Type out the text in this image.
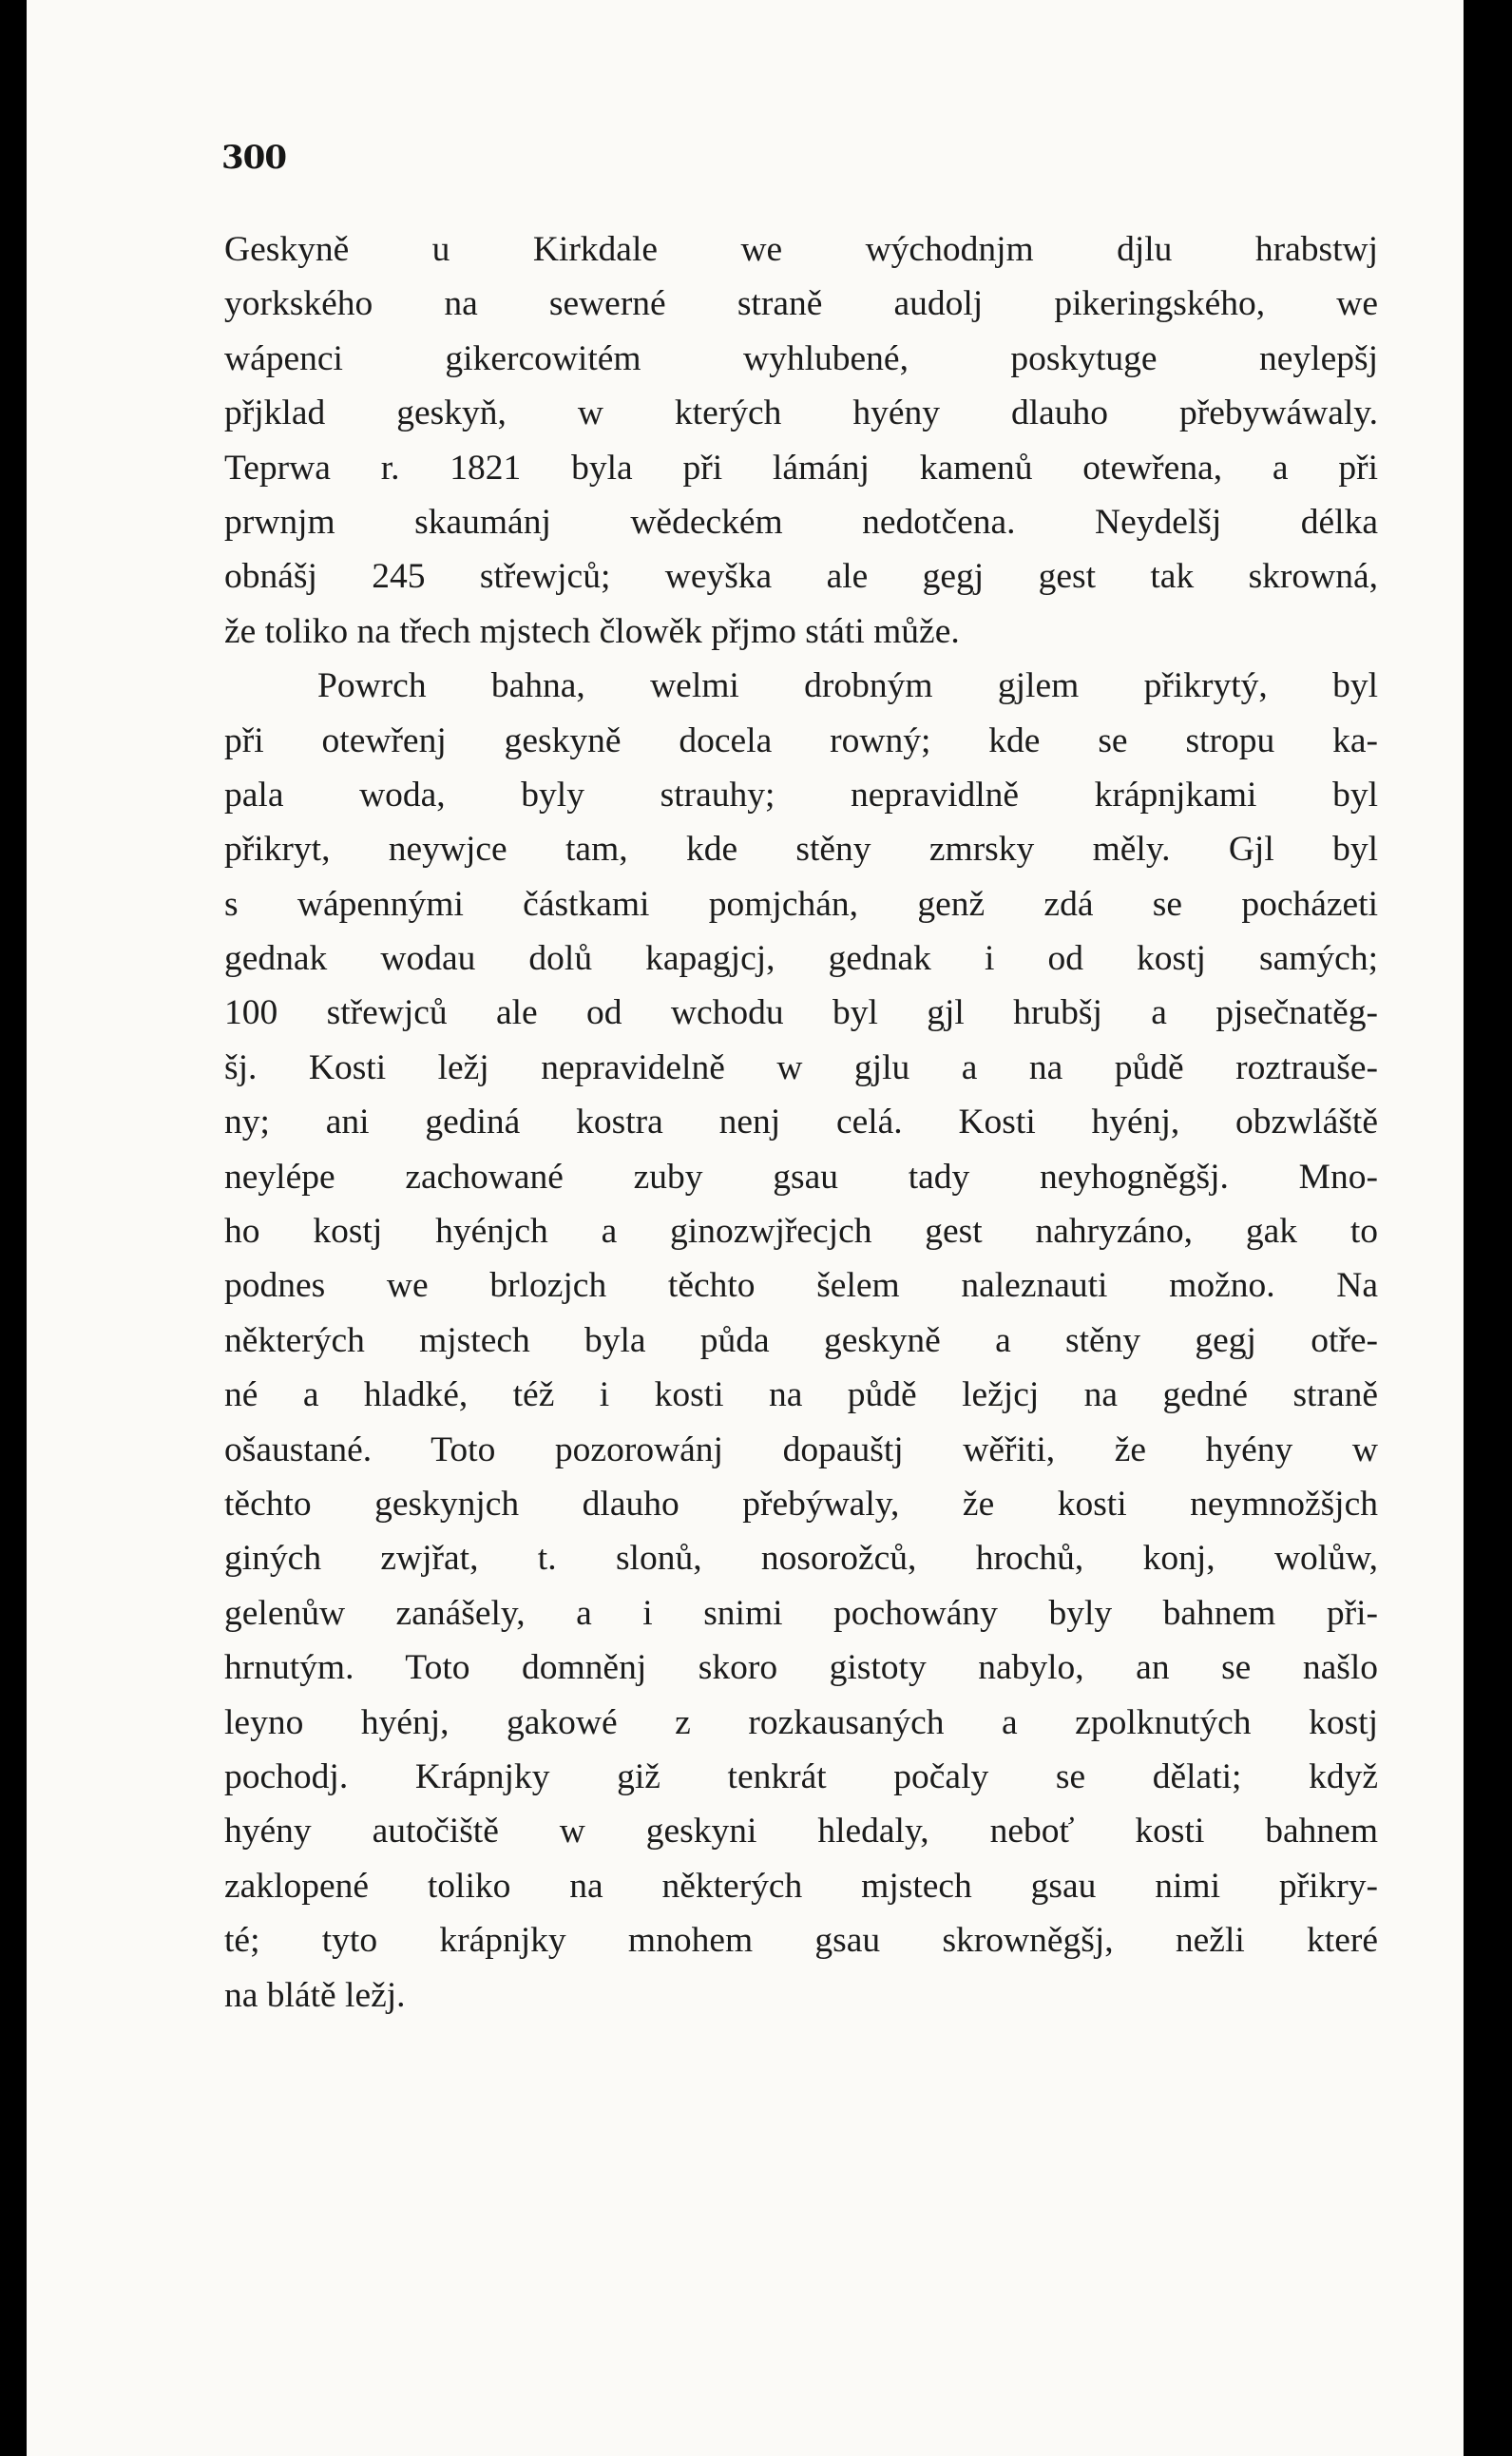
300
Geskyně u Kirkdale we wýchodnjm djlu hrabstwj
yorkského na sewerné straně audolj pikeringského, we
wápenci gikercowitém wyhlubené, poskytuge neylepšj
přjklad geskyň, w kterých hyény dlauho přebywáwaly.
Teprwa r. 1821 byla při lámánj kamenů otewřena, a při
prwnjm skaumánj wědeckém nedotčena. Neydelšj délka
obnášj 245 střewjců; weyška ale gegj gest tak skrowná,
že toliko na třech mjstech člowěk přjmo státi může.
Powrch bahna, welmi drobným gjlem přikrytý, byl
při otewřenj geskyně docela rowný; kde se stropu ka-
pala woda, byly strauhy; nepravidlně krápnjkami byl
přikryt, neywjce tam, kde stěny zmrsky měly. Gjl byl
s wápennými částkami pomjchán, genž zdá se pocházeti
gednak wodau dolů kapagjcj, gednak i od kostj samých;
100 střewjců ale od wchodu byl gjl hrubšj a pjsečnatěg-
šj. Kosti ležj nepravidelně w gjlu a na půdě roztrauše-
ny; ani gediná kostra nenj celá. Kosti hyénj, obzwláště
neylépe zachowané zuby gsau tady neyhogněgšj. Mno-
ho kostj hyénjch a ginozwjřecjch gest nahryzáno, gak to
podnes we brlozjch těchto šelem naleznauti možno. Na
některých mjstech byla půda geskyně a stěny gegj otře-
né a hladké, též i kosti na půdě ležjcj na gedné straně
ošaustané. Toto pozorowánj dopauštj wěřiti, že hyény w
těchto geskynjch dlauho přebýwaly, že kosti neymnožšjch
giných zwjřat, t. slonů, nosorožců, hrochů, konj, wolůw,
gelenůw zanášely, a i snimi pochowány byly bahnem při-
hrnutým. Toto domněnj skoro gistoty nabylo, an se našlo
leyno hyénj, gakowé z rozkausaných a zpolknutých kostj
pochodj. Krápnjky giž tenkrát počaly se dělati; když
hyény autočiště w geskyni hledaly, neboť kosti bahnem
zaklopené toliko na některých mjstech gsau nimi přikry-
té; tyto krápnjky mnohem gsau skrowněgšj, nežli které
na blátě ležj.
